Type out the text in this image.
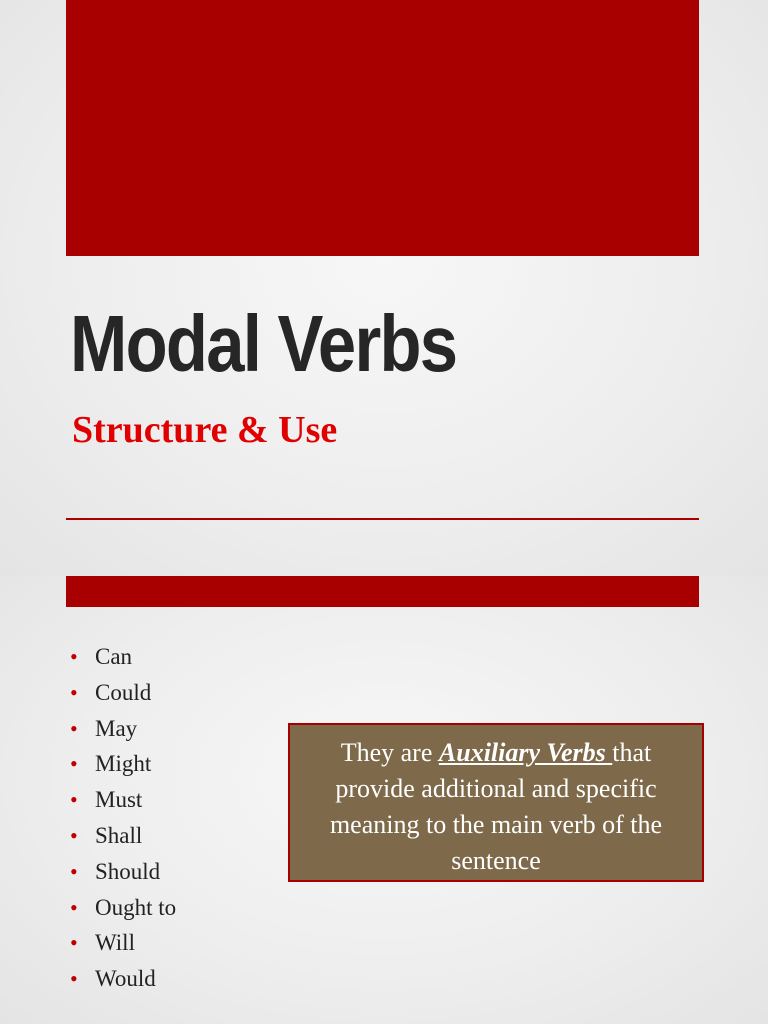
Modal Verbs
Structure & Use
• Can
• Could
• May
• Might
• Must
• Shall
• Should
• Ought to
• Will
• Would
They are Auxiliary Verbs that provide additional and specific meaning to the main verb of the sentence
